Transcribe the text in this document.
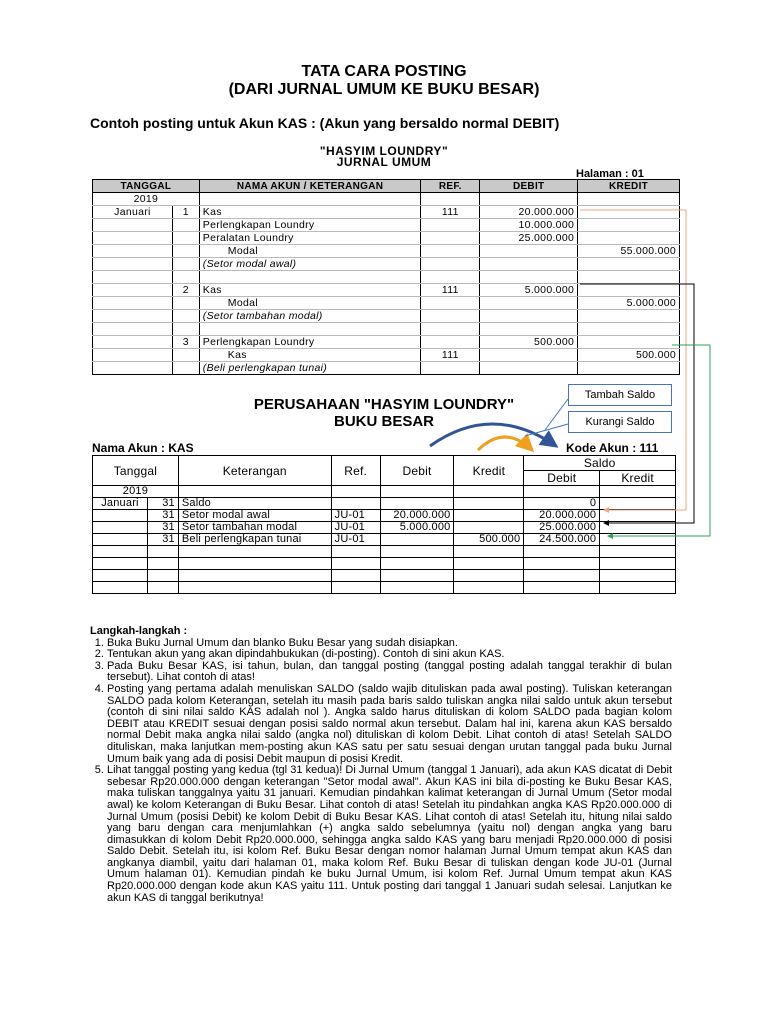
TATA CARA POSTING
(DARI JURNAL UMUM KE BUKU BESAR)
Contoh posting untuk Akun KAS : (Akun yang bersaldo normal DEBIT)
"HASYIM LOUNDRY"
JURNAL UMUM
Halaman : 01
TANGGAL		NAMA AKUN / KETERANGAN	REF.	DEBIT	KREDIT
2019					
Januari	1	Kas	111	20.000.000	
		Perlengkapan Loundry		10.000.000	
		Peralatan Loundry		25.000.000	
		Modal			55.000.000
		(Setor modal awal)			

	2	Kas	111	5.000.000	
		Modal			5.000.000
		(Setor tambahan modal)			

	3	Perlengkapan Loundry		500.000	
		Kas	111		500.000
		(Beli perlengkapan tunai)			
PERUSAHAAN "HASYIM LOUNDRY"
BUKU BESAR
Tambah Saldo
Kurangi Saldo
Nama Akun : KAS	Kode Akun : 111
Tanggal		Keterangan	Ref.	Debit	Kredit	Saldo	
						Debit	Kredit
2019							
Januari	31	Saldo				0	
	31	Setor modal awal	JU-01	20.000.000		20.000.000	
	31	Setor tambahan modal	JU-01	5.000.000		25.000.000	
	31	Beli perlengkapan tunai	JU-01		500.000	24.500.000	

Langkah-langkah :
1. Buka Buku Jurnal Umum dan blanko Buku Besar yang sudah disiapkan.
2. Tentukan akun yang akan dipindahbukukan (di-posting). Contoh di sini akun KAS.
3. Pada Buku Besar KAS, isi tahun, bulan, dan tanggal posting (tanggal posting adalah tanggal terakhir di bulan tersebut). Lihat contoh di atas!
4. Posting yang pertama adalah menuliskan SALDO (saldo wajib dituliskan pada awal posting). Tuliskan keterangan SALDO pada kolom Keterangan, setelah itu masih pada baris saldo tuliskan angka nilai saldo untuk akun tersebut (contoh di sini nilai saldo KAS adalah nol ). Angka saldo harus dituliskan di kolom SALDO pada bagian kolom DEBIT atau KREDIT sesuai dengan posisi saldo normal akun tersebut. Dalam hal ini, karena akun KAS bersaldo normal Debit maka angka nilai saldo (angka nol) dituliskan di kolom Debit. Lihat contoh di atas! Setelah SALDO dituliskan, maka lanjutkan mem-posting akun KAS satu per satu sesuai dengan urutan tanggal pada buku Jurnal Umum baik yang ada di posisi Debit maupun di posisi Kredit.
5. Lihat tanggal posting yang kedua (tgl 31 kedua)! Di Jurnal Umum (tanggal 1 Januari), ada akun KAS dicatat di Debit sebesar Rp20.000.000 dengan keterangan "Setor modal awal". Akun KAS ini bila di-posting ke Buku Besar KAS, maka tuliskan tanggalnya yaitu 31 januari. Kemudian pindahkan kalimat keterangan di Jurnal Umum (Setor modal awal) ke kolom Keterangan di Buku Besar. Lihat contoh di atas! Setelah itu pindahkan angka KAS Rp20.000.000 di Jurnal Umum (posisi Debit) ke kolom Debit di Buku Besar KAS. Lihat contoh di atas! Setelah itu, hitung nilai saldo yang baru dengan cara menjumlahkan (+) angka saldo sebelumnya (yaitu nol) dengan angka yang baru dimasukkan di kolom Debit Rp20.000.000, sehingga angka saldo KAS yang baru menjadi Rp20.000.000 di posisi Saldo Debit. Setelah itu, isi kolom Ref. Buku Besar dengan nomor halaman Jurnal Umum tempat akun KAS dan angkanya diambil, yaitu dari halaman 01, maka kolom Ref. Buku Besar di tuliskan dengan kode JU-01 (Jurnal Umum halaman 01). Kemudian pindah ke buku Jurnal Umum, isi kolom Ref. Jurnal Umum tempat akun KAS Rp20.000.000 dengan kode akun KAS yaitu 111. Untuk posting dari tanggal 1 Januari sudah selesai. Lanjutkan ke akun KAS di tanggal berikutnya!
